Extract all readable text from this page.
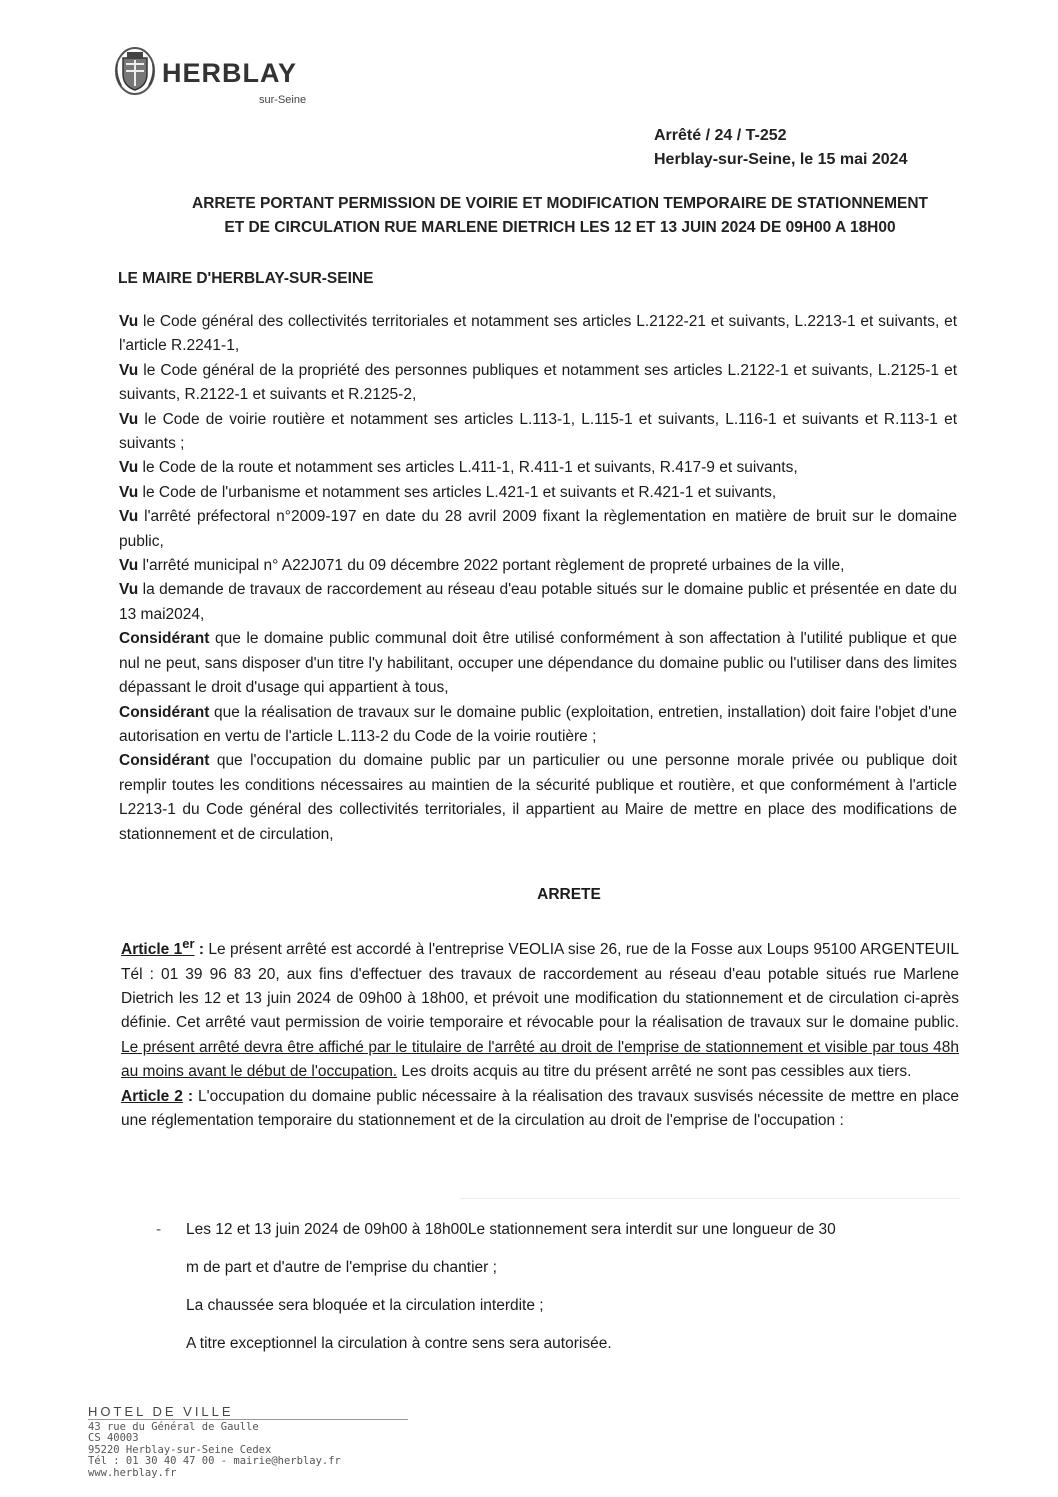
HERBLAY
sur-Seine
Arrêté / 24 / T-252
Herblay-sur-Seine, le 15 mai 2024
ARRETE PORTANT PERMISSION DE VOIRIE ET MODIFICATION TEMPORAIRE DE STATIONNEMENT
ET DE CIRCULATION RUE MARLENE DIETRICH LES 12 ET 13 JUIN 2024 DE 09H00 A 18H00
LE MAIRE D'HERBLAY-SUR-SEINE

Vu le Code général des collectivités territoriales et notamment ses articles L.2122-21 et suivants, L.2213-1 et suivants, et l'article R.2241-1,

Vu le Code général de la propriété des personnes publiques et notamment ses articles L.2122-1 et suivants, L.2125-1 et suivants, R.2122-1 et suivants et R.2125-2,

Vu le Code de voirie routière et notamment ses articles L.113-1, L.115-1 et suivants, L.116-1 et suivants et R.113-1 et suivants ;

Vu le Code de la route et notamment ses articles L.411-1, R.411-1 et suivants, R.417-9 et suivants,

Vu le Code de l'urbanisme et notamment ses articles L.421-1 et suivants et R.421-1 et suivants,

Vu l'arrêté préfectoral n°2009-197 en date du 28 avril 2009 fixant la règlementation en matière de bruit sur le domaine public,

Vu l'arrêté municipal n° A22J071 du 09 décembre 2022 portant règlement de propreté urbaines de la ville,

Vu la demande de travaux de raccordement au réseau d'eau potable situés sur le domaine public et présentée en date du 13 mai2024,

Considérant que le domaine public communal doit être utilisé conformément à son affectation à l'utilité publique et que nul ne peut, sans disposer d'un titre l'y habilitant, occuper une dépendance du domaine public ou l'utiliser dans des limites dépassant le droit d'usage qui appartient à tous,

Considérant que la réalisation de travaux sur le domaine public (exploitation, entretien, installation) doit faire l'objet d'une autorisation en vertu de l'article L.113-2 du Code de la voirie routière ;

Considérant que l'occupation du domaine public par un particulier ou une personne morale privée ou publique doit remplir toutes les conditions nécessaires au maintien de la sécurité publique et routière, et que conformément à l'article L2213-1 du Code général des collectivités territoriales, il appartient au Maire de mettre en place des modifications de stationnement et de circulation,

ARRETE

Article 1er : Le présent arrêté est accordé à l'entreprise VEOLIA sise 26, rue de la Fosse aux Loups 95100 ARGENTEUIL Tél : 01 39 96 83 20, aux fins d'effectuer des travaux de raccordement au réseau d'eau potable situés rue Marlene Dietrich les 12 et 13 juin 2024 de 09h00 à 18h00, et prévoit une modification du stationnement et de circulation ci-après définie. Cet arrêté vaut permission de voirie temporaire et révocable pour la réalisation de travaux sur le domaine public. Le présent arrêté devra être affiché par le titulaire de l'arrêté au droit de l'emprise de stationnement et visible par tous 48h au moins avant le début de l'occupation. Les droits acquis au titre du présent arrêté ne sont pas cessibles aux tiers.

Article 2 : L'occupation du domaine public nécessaire à la réalisation des travaux susvisés nécessite de mettre en place une réglementation temporaire du stationnement et de la circulation au droit de l'emprise de l'occupation :

-	Les 12 et 13 juin 2024 de 09h00 à 18h00Le stationnement sera interdit sur une longueur de 30
m de part et d'autre de l'emprise du chantier ;
La chaussée sera bloquée et la circulation interdite ;
A titre exceptionnel la circulation à contre sens sera autorisée.
HOTEL DE VILLE
43 rue du Général de Gaulle
CS 40003
95220 Herblay-sur-Seine Cedex
Tél : 01 30 40 47 00 - mairie@herblay.fr
www.herblay.fr
